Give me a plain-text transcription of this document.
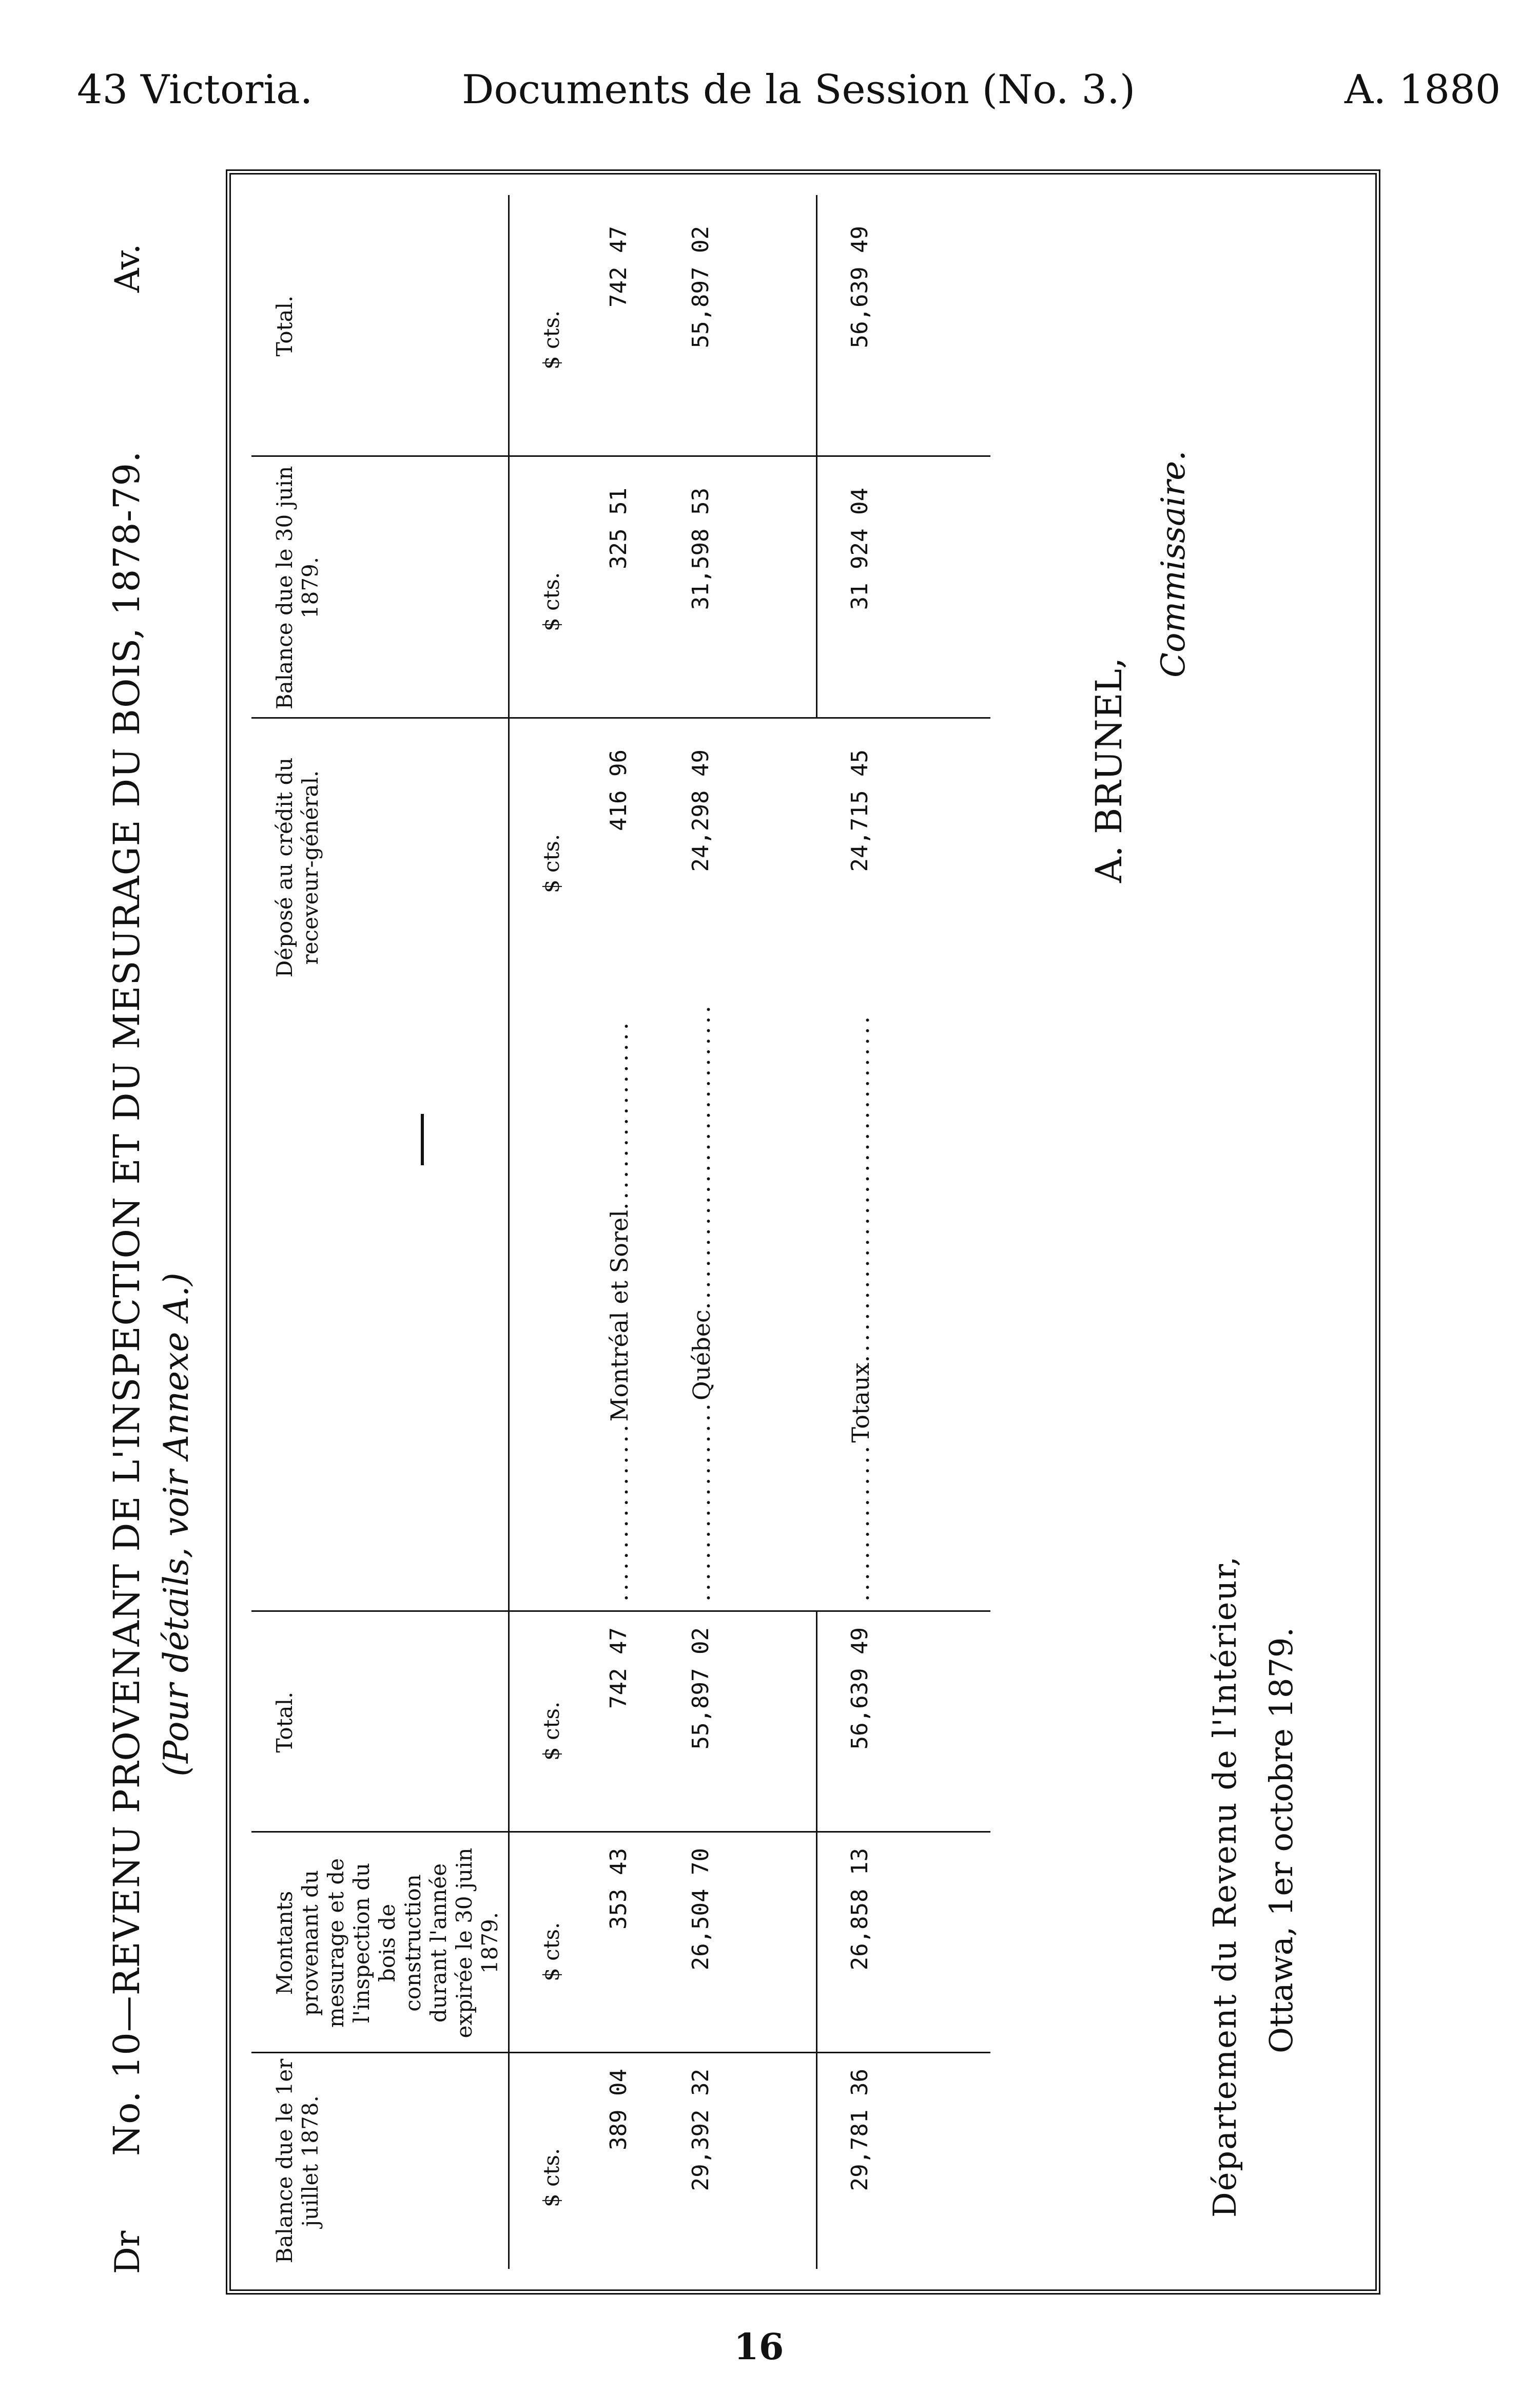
43 Victoria.	Documents de la Session (No. 3.)	A. 1880
Dr
No. 10—REVENU PROVENANT DE L'INSPECTION ET DU MESURAGE DU BOIS, 1878-79.
Av.
(Pour détails, voir Annexe A.)
Balance due le 1er juillet 1878.
Montants provenant du mesurage et de l'inspection du bois de construction durant l'année expirée le 30 juin 1879.
Total.
Déposé au crédit du receveur-général.
Balance due le 30 juin 1879.
Total.
$ cts.
$ cts.
$ cts.
$ cts.
$ cts.
$ cts.
389 04
353 43
742 47
.................Montréal et Sorel..................
416 96
325 51
742 47
29,392 32
26,504 70
55,897 02
...................Québec.............................
24,298 49
31,598 53
55,897 02
29,781 36
26,858 13
56,639 49
...............Totaux.................................
24,715 45
31 924 04
56,639 49
A. BRUNEL,
Commissaire.
Département du Revenu de l'Intérieur, Ottawa, 1er octobre 1879.
16
